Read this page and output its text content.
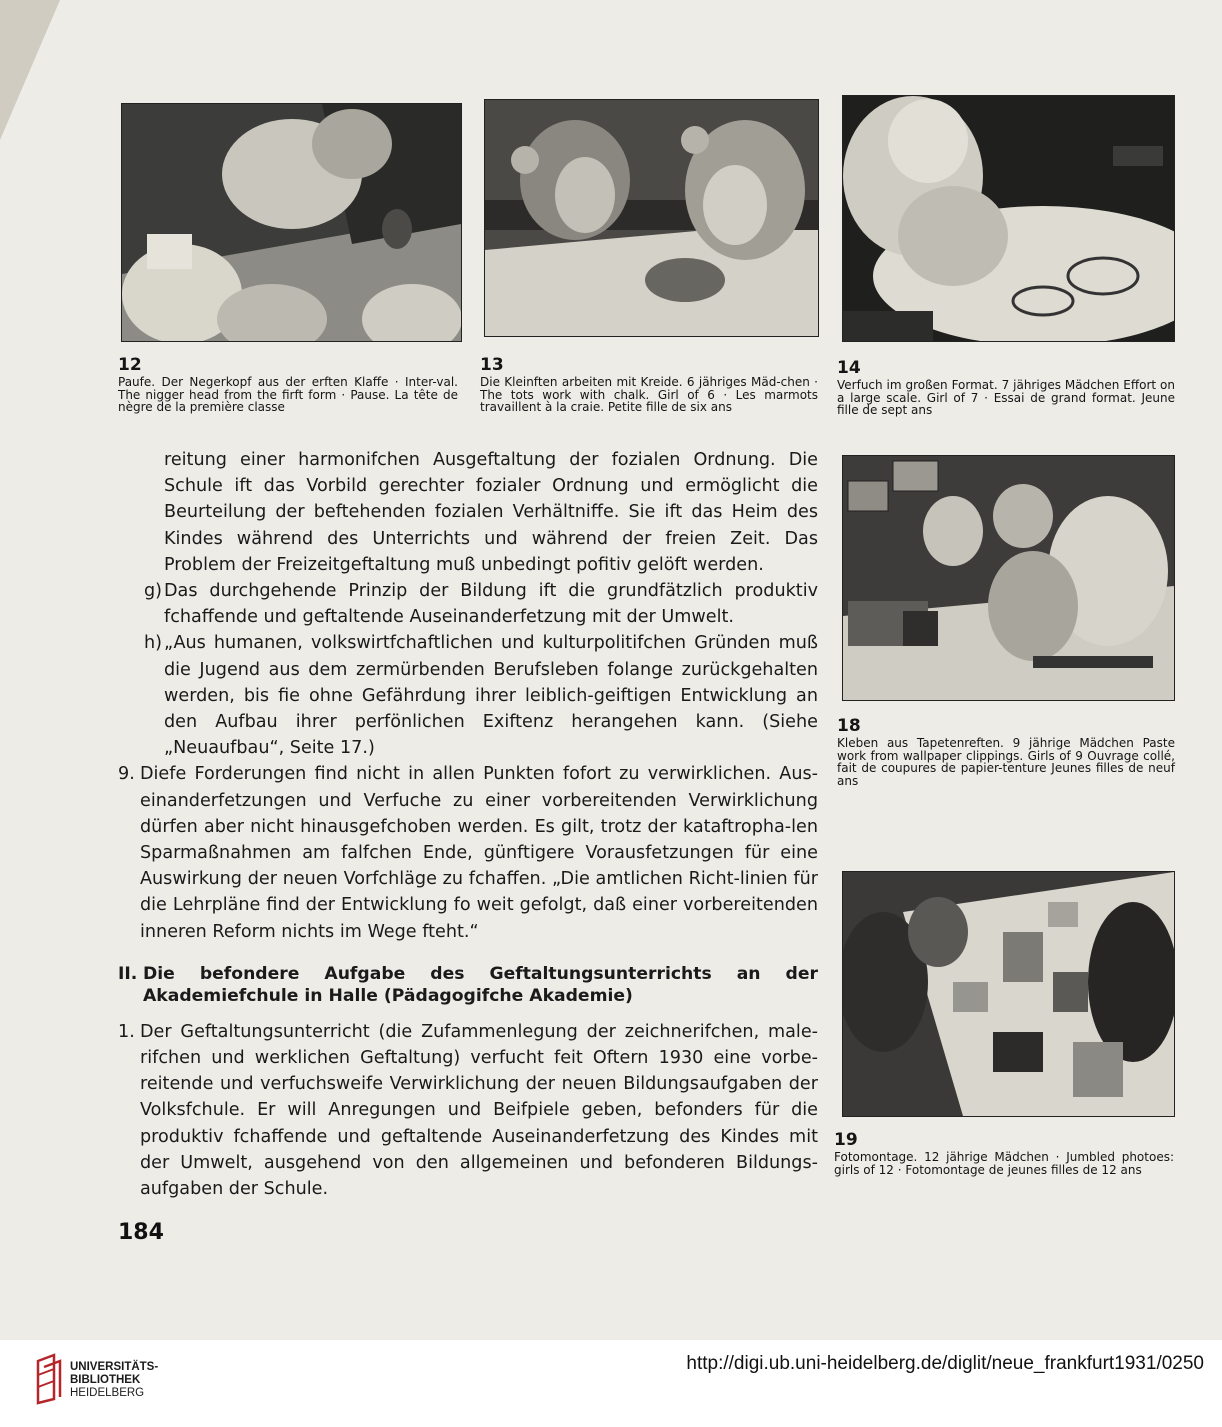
12
Paufe. Der Negerkopf aus der erften Klaffe · Inter-val. The nigger head from the firft form · Pause. La tête de nègre de la première classe
13
Die Kleinften arbeiten mit Kreide. 6 jähriges Mäd-chen · The tots work with chalk. Girl of 6 · Les marmots travaillent à la craie. Petite fille de six ans
14
Verfuch im großen Format. 7 jähriges Mädchen Effort on a large scale. Girl of 7 · Essai de grand format. Jeune fille de sept ans
18
Kleben aus Tapetenreften. 9 jährige Mädchen Paste work from wallpaper clippings. Girls of 9 Ouvrage collé, fait de coupures de papier-tenture Jeunes filles de neuf ans
19
Fotomontage. 12 jährige Mädchen · Jumbled photoes: girls of 12 · Fotomontage de jeunes filles de 12 ans

reitung einer harmonifchen Ausgeftaltung der fozialen Ordnung. Die Schule ift das Vorbild gerechter fozialer Ordnung und ermöglicht die Beurteilung der beftehenden fozialen Verhältniffe. Sie ift das Heim des Kindes während des Unterrichts und während der freien Zeit. Das Problem der Freizeitgeftaltung muß unbedingt pofitiv gelöft werden.

g) Das durchgehende Prinzip der Bildung ift die grundfätzlich produktiv fchaffende und geftaltende Auseinanderfetzung mit der Umwelt.
h) „Aus humanen, volkswirtfchaftlichen und kulturpolitifchen Gründen muß die Jugend aus dem zermürbenden Berufsleben folange zurückgehalten werden, bis fie ohne Gefährdung ihrer leiblich-geiftigen Entwicklung an den Aufbau ihrer perfönlichen Exiftenz herangehen kann. (Siehe „Neuaufbau“, Seite 17.)
9. Diefe Forderungen find nicht in allen Punkten fofort zu verwirklichen. Aus-einanderfetzungen und Verfuche zu einer vorbereitenden Verwirklichung dürfen aber nicht hinausgefchoben werden. Es gilt, trotz der kataftropha-len Sparmaßnahmen am falfchen Ende, günftigere Vorausfetzungen für eine Auswirkung der neuen Vorfchläge zu fchaffen. „Die amtlichen Richt-linien für die Lehrpläne find der Entwicklung fo weit gefolgt, daß einer vorbereitenden inneren Reform nichts im Wege fteht.“
II. Die befondere Aufgabe des Geftaltungsunterrichts an der Akademiefchule in Halle (Pädagogifche Akademie)
1. Der Geftaltungsunterricht (die Zufammenlegung der zeichnerifchen, male-rifchen und werklichen Geftaltung) verfucht feit Oftern 1930 eine vorbe-reitende und verfuchsweife Verwirklichung der neuen Bildungsaufgaben der Volksfchule. Er will Anregungen und Beifpiele geben, befonders für die produktiv fchaffende und geftaltende Auseinanderfetzung des Kindes mit der Umwelt, ausgehend von den allgemeinen und befonderen Bildungs-aufgaben der Schule.
184
UNIVERSITÄTS-
BIBLIOTHEK
HEIDELBERG
http://digi.ub.uni-heidelberg.de/diglit/neue_frankfurt1931/0250
